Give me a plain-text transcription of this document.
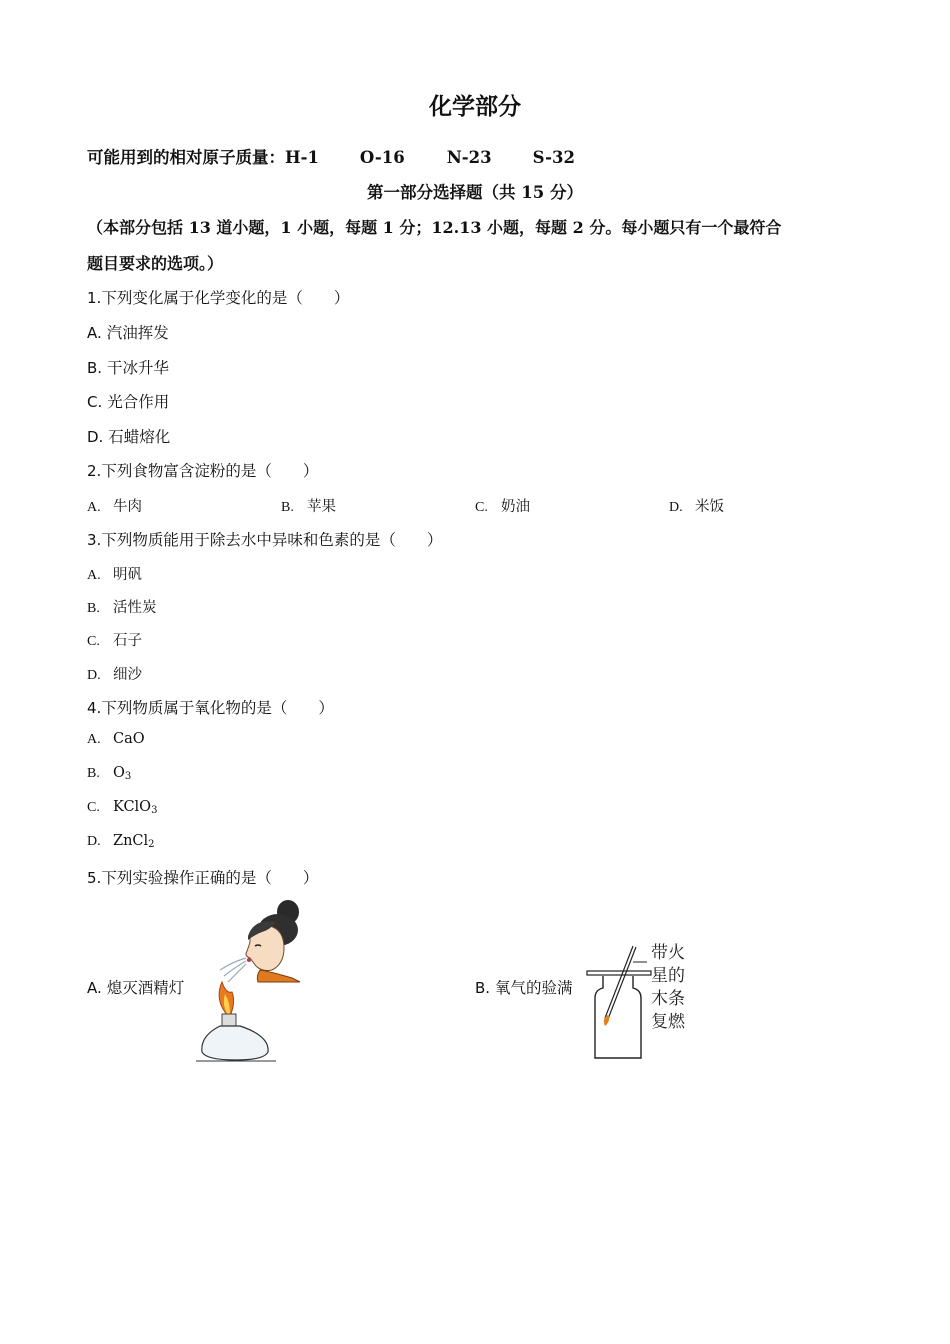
化学部分
可能用到的相对原子质量：H-1 O-16	N-23 S-32
第一部分选择题（共 15 分）
（本部分包括 13 道小题，1 小题，每题 1 分；12.13 小题，每题 2 分。每小题只有一个最符合
题目要求的选项。）
1.下列变化属于化学变化的是（　　）
A. 汽油挥发
B. 干冰升华
C. 光合作用
D. 石蜡熔化
2.下列食物富含淀粉的是（　　）
A. 牛肉	B. 苹果	C. 奶油	D. 米饭
3.下列物质能用于除去水中异味和色素的是（　　）
A. 明矾
B. 活性炭
C. 石子
D. 细沙
4.下列物质属于氧化物的是（　　）
A. CaO
B. $O_3$
C. KClO$_3$
D. ZnCl$_2$
5.下列实验操作正确的是（　　）
A. 熄灭酒精灯	B. 氧气的验满
带火
星的
木条
复燃
